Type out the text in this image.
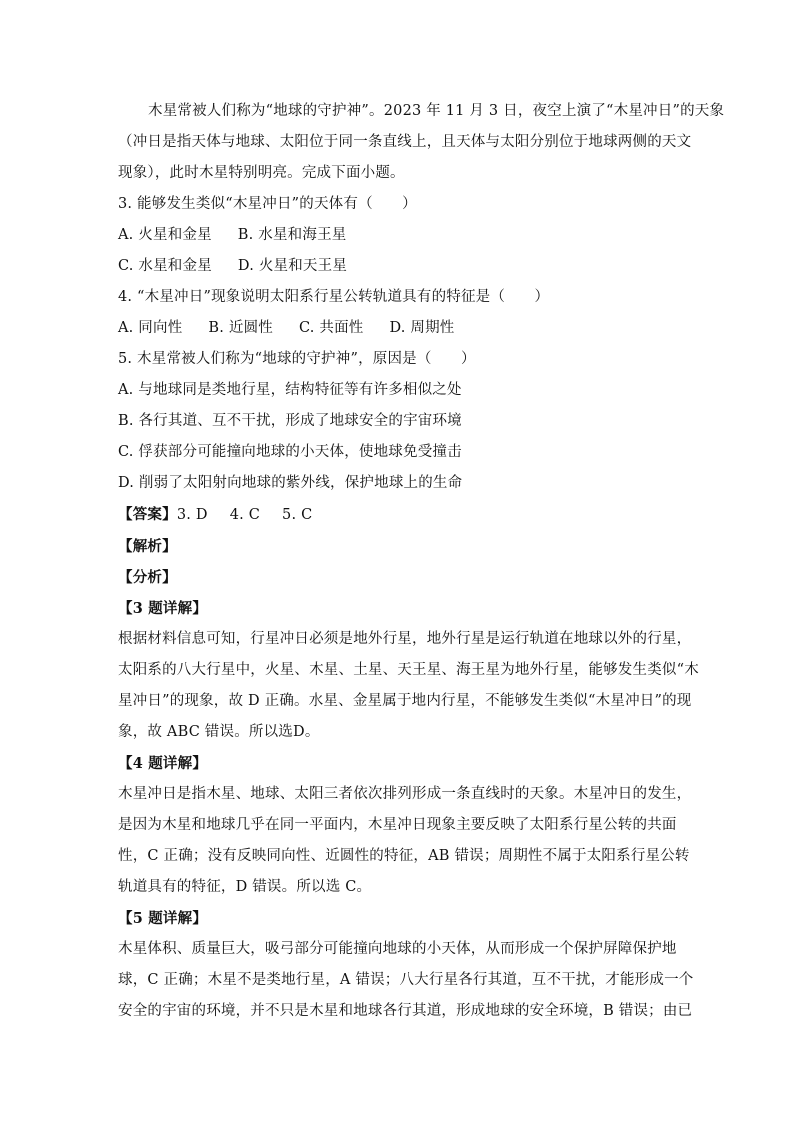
木星常被人们称为“地球的守护神”。2023 年 11 月 3 日，夜空上演了“木星冲日”的天象
（冲日是指天体与地球、太阳位于同一条直线上，且天体与太阳分别位于地球两侧的天文
现象），此时木星特别明亮。完成下面小题。
3. 能够发生类似“木星冲日”的天体有（　　）
A. 火星和金星 B. 水星和海王星
C. 水星和金星 D. 火星和天王星
4. “木星冲日”现象说明太阳系行星公转轨道具有的特征是（　　）
A. 同向性 B. 近圆性 C. 共面性 D. 周期性
5. 木星常被人们称为“地球的守护神”，原因是（　　）
A. 与地球同是类地行星，结构特征等有许多相似之处
B. 各行其道、互不干扰，形成了地球安全的宇宙环境
C. 俘获部分可能撞向地球的小天体，使地球免受撞击
D. 削弱了太阳射向地球的紫外线，保护地球上的生命
【答案】3. D 4. C 5. C
【解析】
【分析】
【3 题详解】
根据材料信息可知，行星冲日必须是地外行星，地外行星是运行轨道在地球以外的行星，
太阳系的八大行星中，火星、木星、土星、天王星、海王星为地外行星，能够发生类似“木
星冲日”的现象，故 D 正确。水星、金星属于地内行星，不能够发生类似“木星冲日”的现
象，故 ABC 错误。所以选D。
【4 题详解】
木星冲日是指木星、地球、太阳三者依次排列形成一条直线时的天象。木星冲日的发生，
是因为木星和地球几乎在同一平面内，木星冲日现象主要反映了太阳系行星公转的共面
性，C 正确；没有反映同向性、近圆性的特征，AB 错误；周期性不属于太阳系行星公转
轨道具有的特征，D 错误。所以选 C。
【5 题详解】
木星体积、质量巨大，吸弓部分可能撞向地球的小天体，从而形成一个保护屏障保护地
球，C 正确；木星不是类地行星，A 错误；八大行星各行其道，互不干扰，才能形成一个
安全的宇宙的环境，并不只是木星和地球各行其道，形成地球的安全环境，B 错误；由已
